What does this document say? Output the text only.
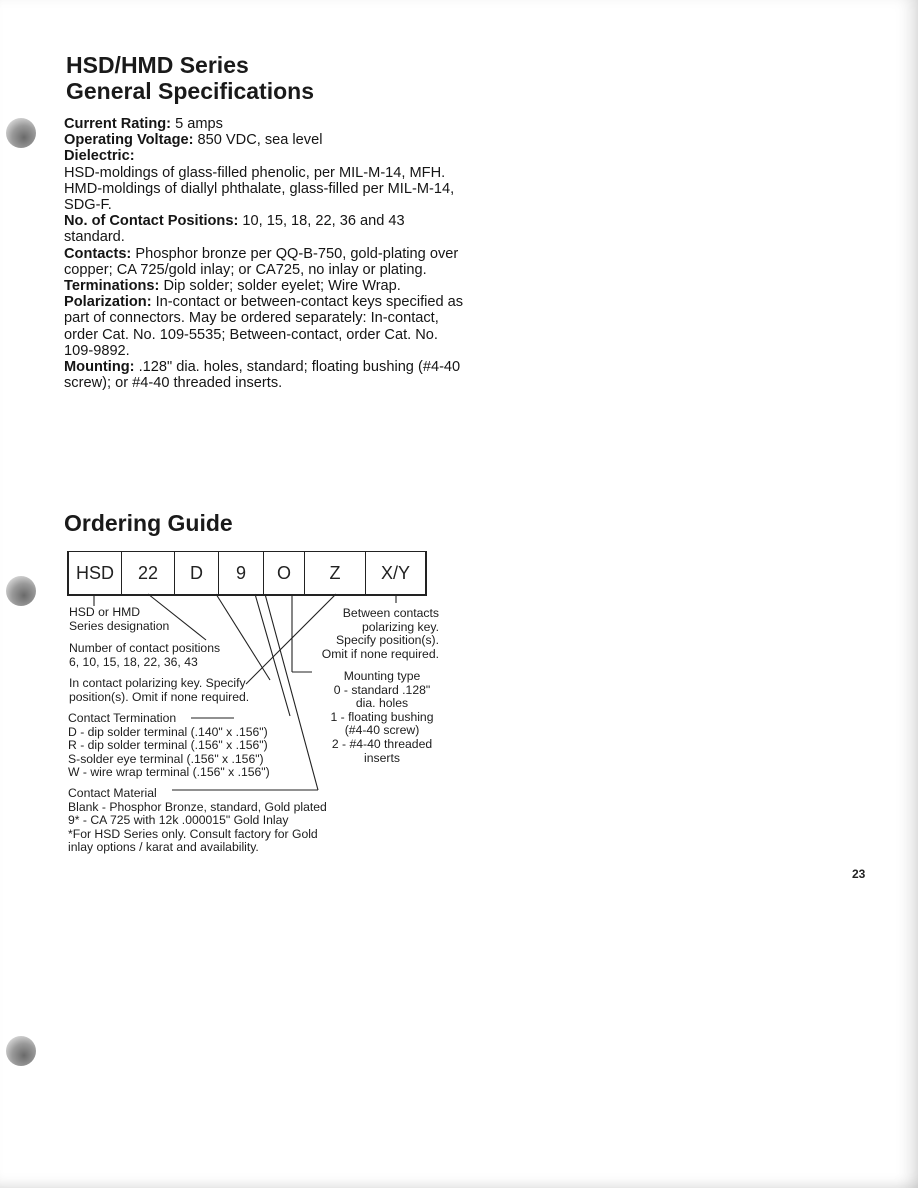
HSD/HMD Series
General Specifications

Current Rating: 5 amps

Operating Voltage: 850 VDC, sea level

Dielectric:

HSD-moldings of glass-filled phenolic, per MIL-M-14, MFH.

HMD-moldings of diallyl phthalate, glass-filled per MIL-M-14, SDG-F.

No. of Contact Positions: 10, 15, 18, 22, 36 and 43 standard.

Contacts: Phosphor bronze per QQ-B-750, gold-plating over copper; CA 725/gold inlay; or CA725, no inlay or plating.

Terminations: Dip solder; solder eyelet; Wire Wrap.

Polarization: In-contact or between-contact keys specified as part of connectors. May be ordered separately: In-contact, order Cat. No. 109-5535; Between-contact, order Cat. No. 109-9892.

Mounting: .128" dia. holes, standard; floating bushing (#4-40 screw); or #4-40 threaded inserts.

Ordering Guide
HSD	22	D	9	O	Z	X/Y

HSD or HMD

Series designation

Number of contact positions

6, 10, 15, 18, 22, 36, 43

In contact polarizing key. Specify

position(s). Omit if none required.

Contact Termination

D - dip solder terminal (.140" x .156")

R - dip solder terminal (.156" x .156")

S-solder eye terminal (.156" x .156")

W - wire wrap terminal (.156" x .156")

Contact Material

Blank - Phosphor Bronze, standard, Gold plated

9* - CA 725 with 12k .000015" Gold Inlay

*For HSD Series only. Consult factory for Gold

inlay options / karat and availability.

Between contacts

polarizing key.

Specify position(s).

Omit if none required.

Mounting type

0 - standard .128"

dia. holes

1 - floating bushing

(#4-40 screw)

2 - #4-40 threaded

inserts

23
